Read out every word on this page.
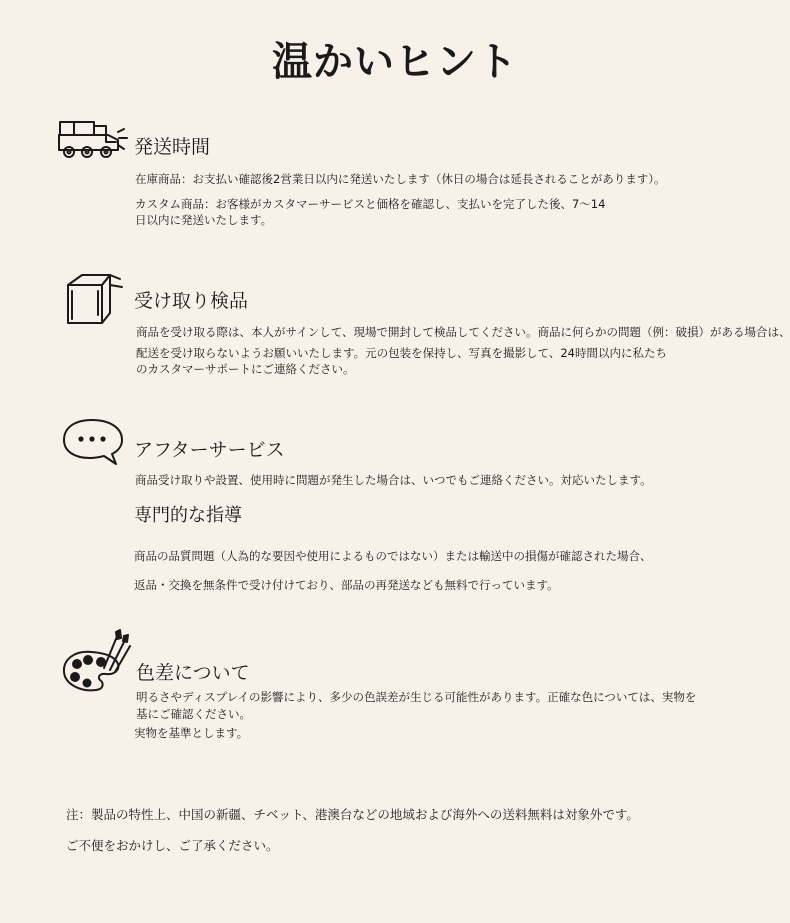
温かいヒント
発送時間

在庫商品：お支払い確認後2営業日以内に発送いたします（休日の場合は延長されることがあります）。

カスタム商品：お客様がカスタマーサービスと価格を確認し、支払いを完了した後、7〜14

日以内に発送いたします。

受け取り検品

商品を受け取る際は、本人がサインして、現場で開封して検品してください。商品に何らかの問題（例：破損）がある場合は、

配送を受け取らないようお願いいたします。元の包装を保持し、写真を撮影して、24時間以内に私たち

のカスタマーサポートにご連絡ください。

アフターサービス

商品受け取りや設置、使用時に問題が発生した場合は、いつでもご連絡ください。対応いたします。

専門的な指導

商品の品質問題（人為的な要因や使用によるものではない）または輸送中の損傷が確認された場合、

返品・交換を無条件で受け付けており、部品の再発送なども無料で行っています。

色差について

明るさやディスプレイの影響により、多少の色誤差が生じる可能性があります。正確な色については、実物を

基にご確認ください。

実物を基準とします。

注：製品の特性上、中国の新疆、チベット、港澳台などの地域および海外への送料無料は対象外です。

ご不便をおかけし、ご了承ください。
